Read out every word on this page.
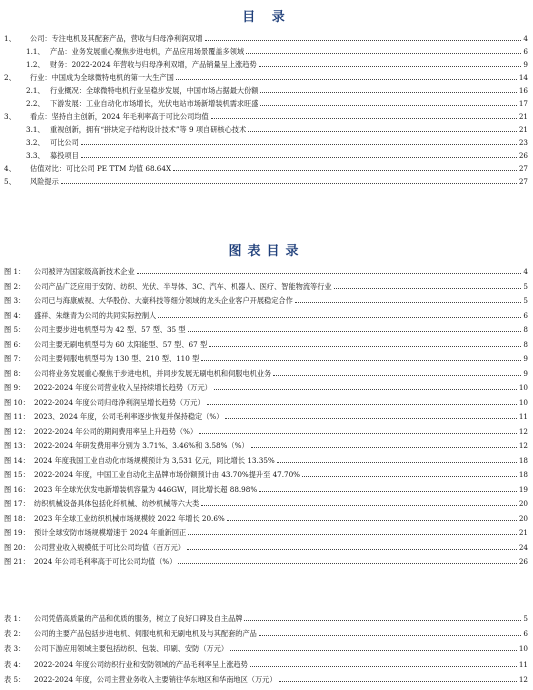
目 录
1、	公司：专注电机及其配套产品，营收与归母净利润双增	4
1.1、 产品：业务发展重心聚焦步进电机，产品应用场景覆盖多领域	6
1.2、 财务：2022-2024 年营收与归母净利双增，产品销量呈上涨趋势	9
2、	行业：中国成为全球微特电机的第一大生产国	14
2.1、 行业概况：全球微特电机行业呈稳步发展，中国市场占据最大份额	16
2.2、 下游发展：工业自动化市场增长，光伏电站市场新增装机需求旺盛	17
3、	看点：坚持自主创新，2024 年毛利率高于可比公司均值	21
3.1、 重视创新，拥有“拼块定子结构设计技术”等 9 项自研核心技术	21
3.2、 可比公司	23
3.3、 募投项目	26
4、	估值对比：可比公司 PE TTM 均值 68.64X	27
5、	风险提示	27
图表目录
图 1：	公司被评为国家级高新技术企业	4
图 2：	公司产品广泛应用于安防、纺织、光伏、半导体、3C、汽车、机器人、医疗、智能物流等行业	5
图 3：	公司已与海康威视、大华股份、大豪科技等细分领域的龙头企业客户开展稳定合作	5
图 4：	盛祥、朱继青为公司的共同实际控制人	6
图 5：	公司主要步进电机型号为 42 型、57 型、35 型	8
图 6：	公司主要无刷电机型号为 60 太阳能型、57 型、67 型	8
图 7：	公司主要伺服电机型号为 130 型、210 型、110 型	9
图 8：	公司将业务发展重心聚焦于步进电机，并同步发展无刷电机和伺服电机业务	9
图 9：	2022-2024 年度公司营业收入呈持续增长趋势（万元）	10
图 10： 2022-2024 年度公司归母净利润呈增长趋势（万元）	10
图 11： 2023、2024 年度，公司毛利率逐步恢复并保持稳定（%）	11
图 12： 2022-2024 年公司的期间费用率呈上升趋势（%）	12
图 13： 2022-2024 年研发费用率分别为 3.71%、3.46%和 3.58%（%）	12
图 14： 2024 年度我国工业自动化市场规模预计为 3,531 亿元，同比增长 13.35%	18
图 15： 2022-2024 年度，中国工业自动化主品牌市场份额预计由 43.70%提升至 47.70%	18
图 16： 2023 年全球光伏发电新增装机容量为 446GW，同比增长超 88.98%	19
图 17： 纺织机械设备具体包括化纤机械、纺纱机械等六大类	20
图 18： 2023 年全球工业纺织机械市场规模较 2022 年增长 20.6%	20
图 19： 预计全球安防市场规模增速于 2024 年重新回正	21
图 20： 公司营业收入规模低于可比公司均值（百万元）	24
图 21： 2024 年公司毛利率高于可比公司均值（%）	26
表 1：	公司凭借高质量的产品和优质的服务，树立了良好口碑及自主品牌	5
表 2：	公司的主要产品包括步进电机、伺服电机和无刷电机及与其配套的产品	6
表 3：	公司下游应用领域主要包括纺织、包装、印刷、安防（万元）	10
表 4：	2022-2024 年度公司纺织行业和安防领域的产品毛利率呈上涨趋势	11
表 5：	2022-2024 年度，公司主营业务收入主要销往华东地区和华南地区（万元）	12
